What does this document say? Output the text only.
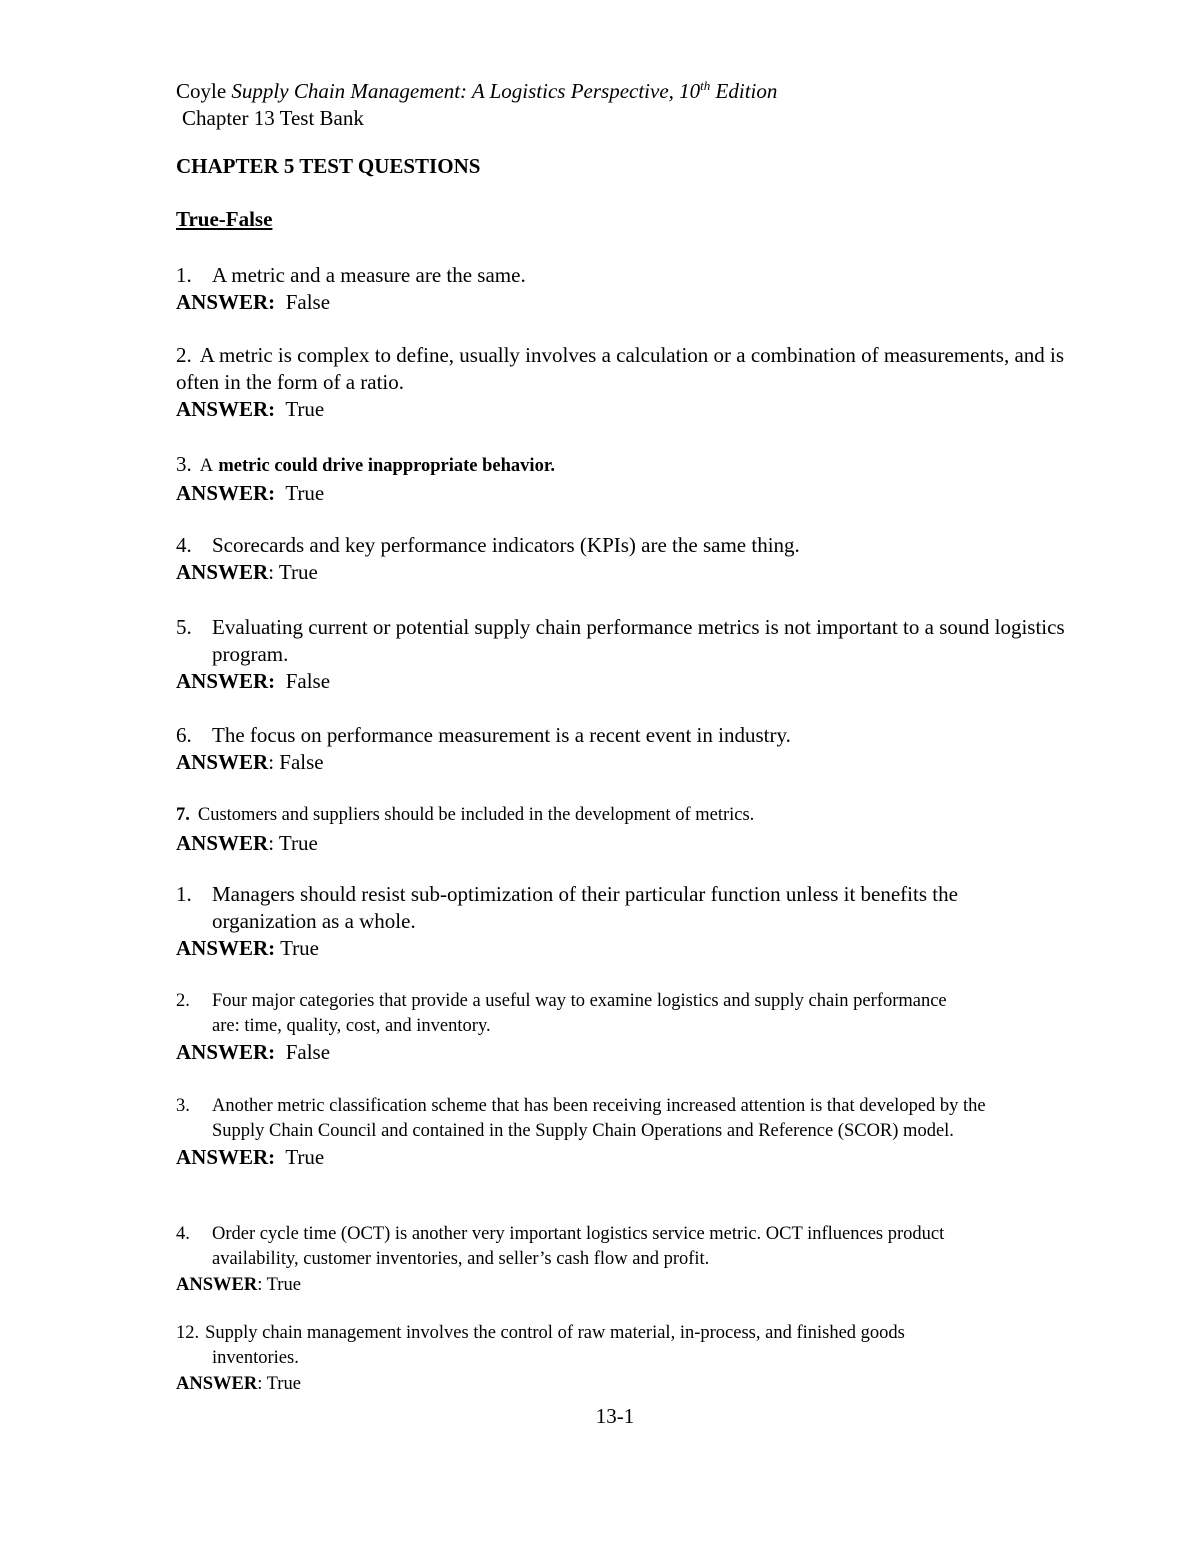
Coyle Supply Chain Management: A Logistics Perspective, 10th Edition
Chapter 13 Test Bank
CHAPTER 5 TEST QUESTIONS
True-False
1. A metric and a measure are the same.
ANSWER: False
2. A metric is complex to define, usually involves a calculation or a combination of measurements, and is often in the form of a ratio.
ANSWER: True
3. A metric could drive inappropriate behavior.
ANSWER: True
4. Scorecards and key performance indicators (KPIs) are the same thing.
ANSWER: True
5. Evaluating current or potential supply chain performance metrics is not important to a sound logistics program.
ANSWER: False
6. The focus on performance measurement is a recent event in industry.
ANSWER: False
7. Customers and suppliers should be included in the development of metrics.
ANSWER: True
1. Managers should resist sub-optimization of their particular function unless it benefits the organization as a whole.
ANSWER: True
2. Four major categories that provide a useful way to examine logistics and supply chain performance are: time, quality, cost, and inventory.
ANSWER: False
3. Another metric classification scheme that has been receiving increased attention is that developed by the Supply Chain Council and contained in the Supply Chain Operations and Reference (SCOR) model.
ANSWER: True
4. Order cycle time (OCT) is another very important logistics service metric. OCT influences product availability, customer inventories, and seller’s cash flow and profit.
ANSWER: True
12. Supply chain management involves the control of raw material, in-process, and finished goods inventories.
ANSWER: True
13-1
